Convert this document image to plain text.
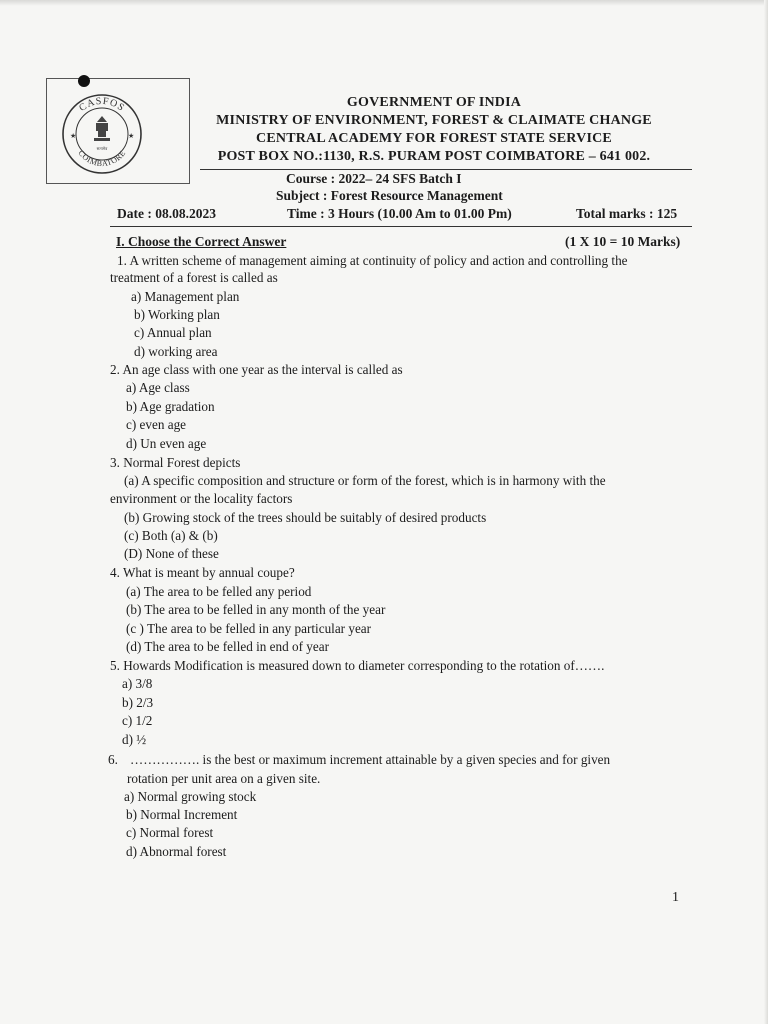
सत्यमेव
CASFOS
COIMBATORE
★	★
GOVERNMENT OF INDIA
MINISTRY OF ENVIRONMENT, FOREST & CLAIMATE CHANGE
CENTRAL ACADEMY FOR FOREST STATE SERVICE
POST BOX NO.:1130, R.S. PURAM POST COIMBATORE – 641 002.
Course : 2022– 24 SFS Batch I
Subject : Forest Resource Management
Date : 08.08.2023	Time : 3 Hours (10.00 Am to 01.00 Pm)	Total marks : 125
I. Choose the Correct Answer	(1 X 10 = 10 Marks)
1. A written scheme of management aiming at continuity of policy and action and controlling the
treatment of a forest is called as
a) Management plan
b) Working plan
c) Annual plan
d) working area
2. An age class with one year as the interval is called as
a) Age class
b) Age gradation
c) even age
d) Un even age
3. Normal Forest depicts
(a) A specific composition and structure or form of the forest, which is in harmony with the
environment or the locality factors
(b) Growing stock of the trees should be suitably of desired products
(c) Both (a) & (b)
(D) None of these
4. What is meant by annual coupe?
(a) The area to be felled any period
(b) The area to be felled in any month of the year
(c ) The area to be felled in any particular year
(d) The area to be felled in end of year
5. Howards Modification is measured down to diameter corresponding to the rotation of…….
a) 3/8
b) 2/3
c) 1/2
d) ½
6. ……………. is the best or maximum increment attainable by a given species and for given
rotation per unit area on a given site.
a) Normal growing stock
b) Normal Increment
c) Normal forest
d) Abnormal forest
1
